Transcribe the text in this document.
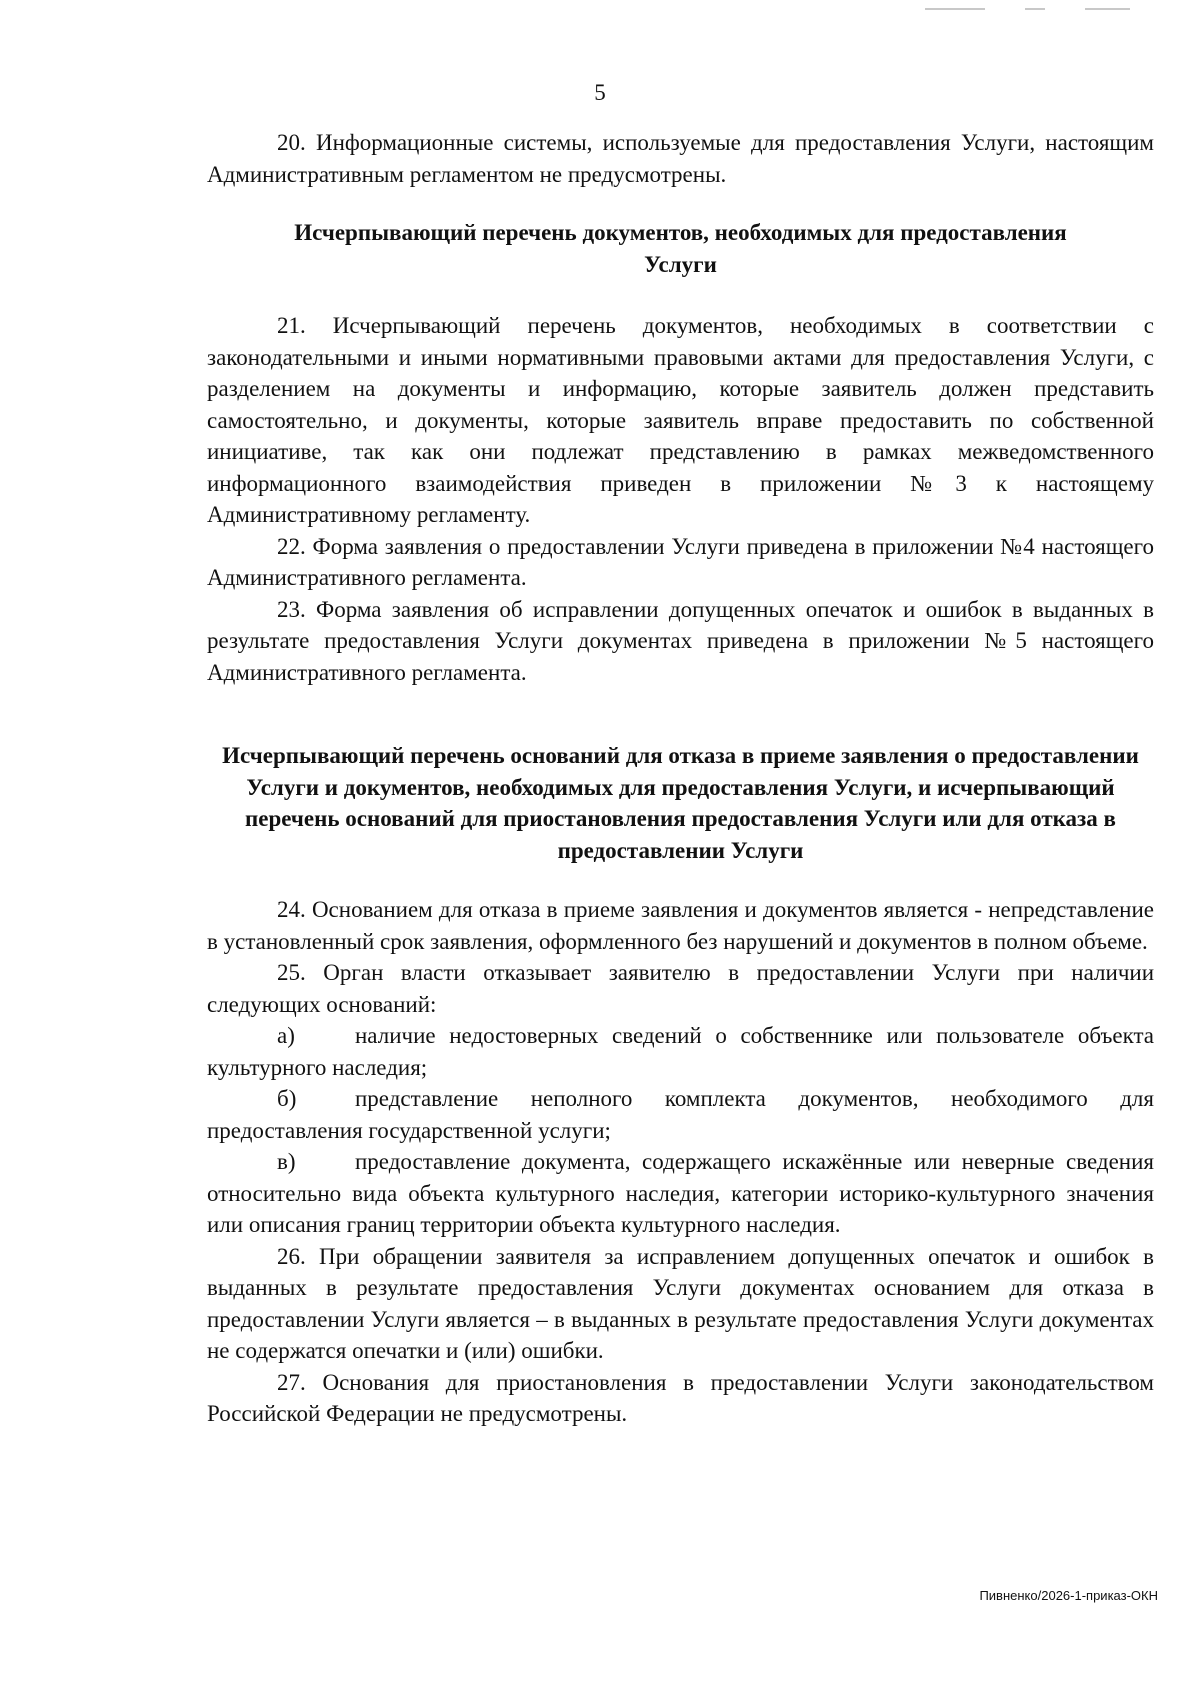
5

20. Информационные системы, используемые для предоставления Услуги, настоящим Административным регламентом не предусмотрены.

Исчерпывающий перечень документов, необходимых для предоставления Услуги

21. Исчерпывающий перечень документов, необходимых в соответствии с законодательными и иными нормативными правовыми актами для предоставления Услуги, с разделением на документы и информацию, которые заявитель должен представить самостоятельно, и документы, которые заявитель вправе предоставить по собственной инициативе, так как они подлежат представлению в рамках межведомственного информационного взаимодействия приведен в приложении №3 к настоящему Административному регламенту.

22. Форма заявления о предоставлении Услуги приведена в приложении №4 настоящего Административного регламента.

23. Форма заявления об исправлении допущенных опечаток и ошибок в выданных в результате предоставления Услуги документах приведена в приложении №5 настоящего Административного регламента.

Исчерпывающий перечень оснований для отказа в приеме заявления о предоставлении Услуги и документов, необходимых для предоставления Услуги, и исчерпывающий перечень оснований для приостановления предоставления Услуги или для отказа в предоставлении Услуги

24. Основанием для отказа в приеме заявления и документов является - непредставление в установленный срок заявления, оформленного без нарушений и документов в полном объеме.

25. Орган власти отказывает заявителю в предоставлении Услуги при наличии следующих оснований:

а)	наличие недостоверных сведений о собственнике или пользователе объекта культурного наследия;

б)	представление неполного комплекта документов, необходимого для предоставления государственной услуги;

в)	предоставление документа, содержащего искажённые или неверные сведения относительно вида объекта культурного наследия, категории историко-культурного значения или описания границ территории объекта культурного наследия.

26. При обращении заявителя за исправлением допущенных опечаток и ошибок в выданных в результате предоставления Услуги документах основанием для отказа в предоставлении Услуги является – в выданных в результате предоставления Услуги документах не содержатся опечатки и (или) ошибки.

27. Основания для приостановления в предоставлении Услуги законодательством Российской Федерации не предусмотрены.

Пивненко/2026-1-приказ-ОКН
